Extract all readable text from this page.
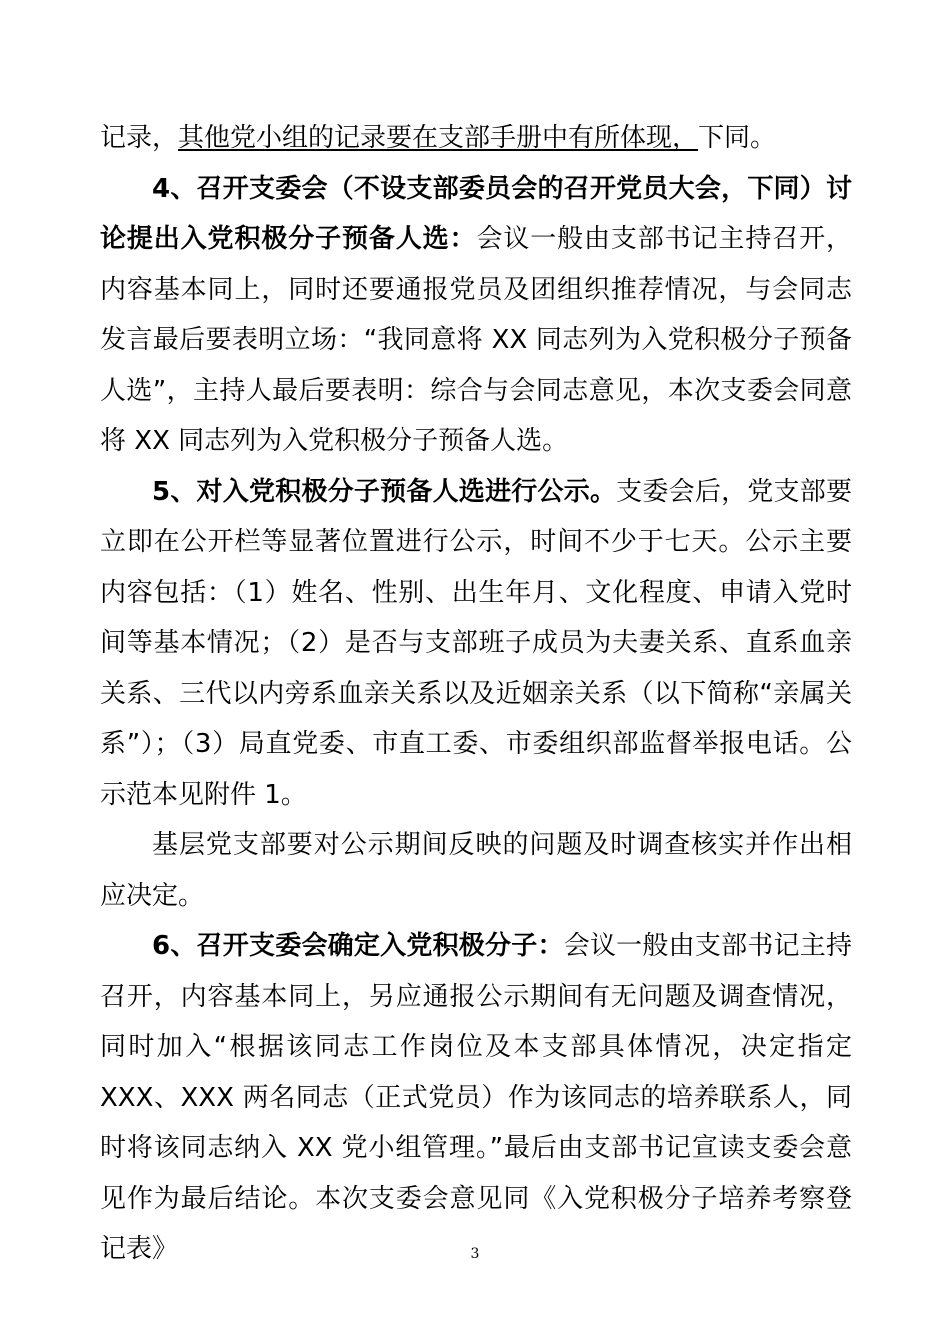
记录，其他党小组的记录要在支部手册中有所体现，下同。

4、召开支委会（不设支部委员会的召开党员大会，下同）讨论提出入党积极分子预备人选：会议一般由支部书记主持召开，内容基本同上，同时还要通报党员及团组织推荐情况，与会同志发言最后要表明立场：“我同意将 XX 同志列为入党积极分子预备人选”，主持人最后要表明：综合与会同志意见，本次支委会同意将 XX 同志列为入党积极分子预备人选。

5、对入党积极分子预备人选进行公示。支委会后，党支部要立即在公开栏等显著位置进行公示，时间不少于七天。公示主要内容包括：（1）姓名、性别、出生年月、文化程度、申请入党时间等基本情况；（2）是否与支部班子成员为夫妻关系、直系血亲关系、三代以内旁系血亲关系以及近姻亲关系（以下简称“亲属关系”）；（3）局直党委、市直工委、市委组织部监督举报电话。公示范本见附件 1。

基层党支部要对公示期间反映的问题及时调查核实并作出相应决定。

6、召开支委会确定入党积极分子：会议一般由支部书记主持召开，内容基本同上，另应通报公示期间有无问题及调查情况，同时加入“根据该同志工作岗位及本支部具体情况，决定指定 XXX、XXX 两名同志（正式党员）作为该同志的培养联系人，同时将该同志纳入 XX 党小组管理。”最后由支部书记宣读支委会意见作为最后结论。本次支委会意见同《入党积极分子培养考察登记表》	3
